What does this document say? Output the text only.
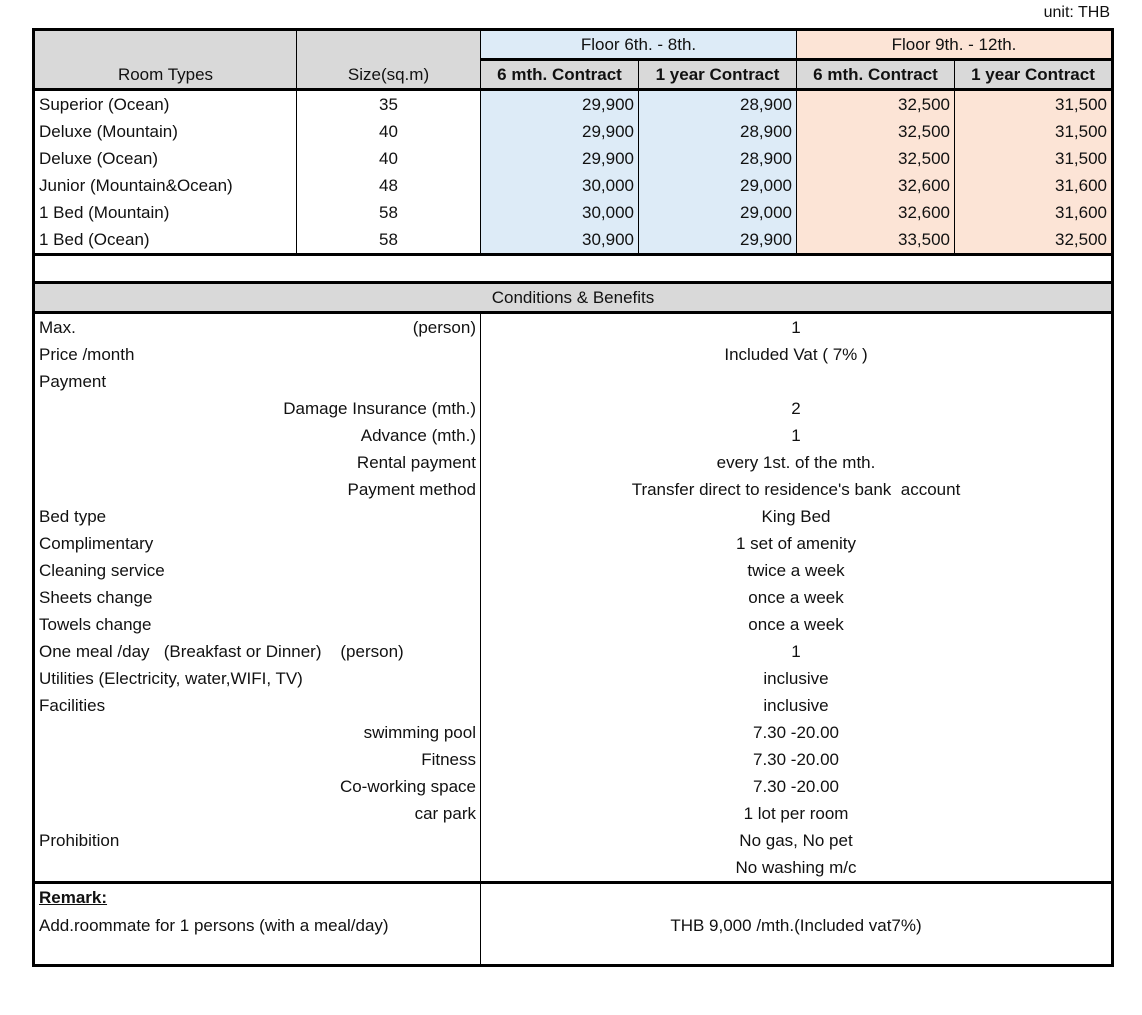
unit: THB
Room Types	Size(sq.m)	Floor 6th. - 8th.		Floor 9th. - 12th.	
		6 mth. Contract	1 year Contract	6 mth. Contract	1 year Contract
Superior (Ocean)	35	29,900	28,900	32,500	31,500
Deluxe (Mountain)	40	29,900	28,900	32,500	31,500
Deluxe (Ocean)	40	29,900	28,900	32,500	31,500
Junior (Mountain&Ocean)	48	30,000	29,000	32,600	31,600
1 Bed (Mountain)	58	30,000	29,000	32,600	31,600
1 Bed (Ocean)	58	30,900	29,900	33,500	32,500
Conditions & Benefits	

Max. (person)	1
Price /month	Included Vat ( 7% )
Payment	
Damage Insurance (mth.)	2
Advance (mth.)	1
Rental payment	every 1st. of the mth.
Payment method	Transfer direct to residence's bank  account
Bed type	King Bed
Complimentary	1 set of amenity
Cleaning service	twice a week
Sheets change	once a week
Towels change	once a week
One meal /day   (Breakfast or Dinner)    (person)	1
Utilities (Electricity, water,WIFI, TV)	inclusive
Facilities	inclusive
swimming pool	7.30 -20.00
Fitness	7.30 -20.00
Co-working space	7.30 -20.00
car park	1 lot per room
Prohibition	No gas, No pet
	No washing m/c
Remark:
Add.roommate for 1 persons (with a meal/day)	THB 9,000 /mth.(Included vat7%)
